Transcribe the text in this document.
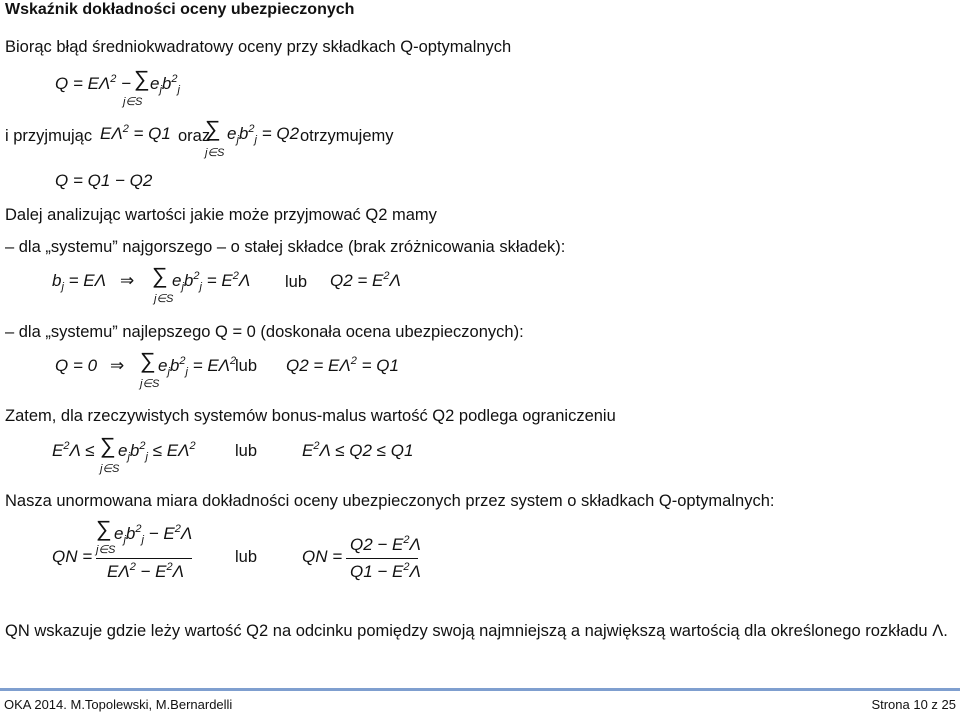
Wskaźnik dokładności oceny ubezpieczonych
Biorąc błąd średniokwadratowy oceny przy składkach Q-optymalnych
$Q = E\Lambda^2$ − ∑ $e_jb^2_j$
j∈S
i przyjmując $E\Lambda^2 = Q1$ oraz
∑ $e_jb^2_j = Q2$
j∈S
otrzymujemy
Q = Q1 − Q2
Dalej analizując wartości jakie może przyjmować Q2 mamy
– dla „systemu” najgorszego – o stałej składce (brak zróżnicowania składek):
$b_j = E\Lambda$ ⇒ ∑ $e_jb^2_j = E^2\Lambda$
j∈S
lub $Q2 = E^2\Lambda$
– dla „systemu” najlepszego Q = 0 (doskonała ocena ubezpieczonych):
Q = 0 ⇒ ∑ $e_jb^2_j = E\Lambda^2$
j∈S
lub $Q2 = E\Lambda^2 = Q1$
Zatem, dla rzeczywistych systemów bonus-malus wartość Q2 podlega ograniczeniu
$E^2\Lambda$ ≤ ∑ $e_jb^2_j \le E\Lambda^2$
j∈S
lub	$E^2\Lambda \le Q2 \le Q1$
Nasza unormowana miara dokładności oceny ubezpieczonych przez system o składkach Q-optymalnych:
QN =
∑ $e_jb^2_j - E^2\Lambda$
j∈S
$E\Lambda^2 - E^2\Lambda$
lub	QN =
$Q2 - E^2\Lambda$
$Q1 - E^2\Lambda$
QN wskazuje gdzie leży wartość Q2 na odcinku pomiędzy swoją najmniejszą a największą wartością dla określonego rozkładu Λ.
OKA 2014. M.Topolewski, M.Bernardelli	Strona 10 z 25
